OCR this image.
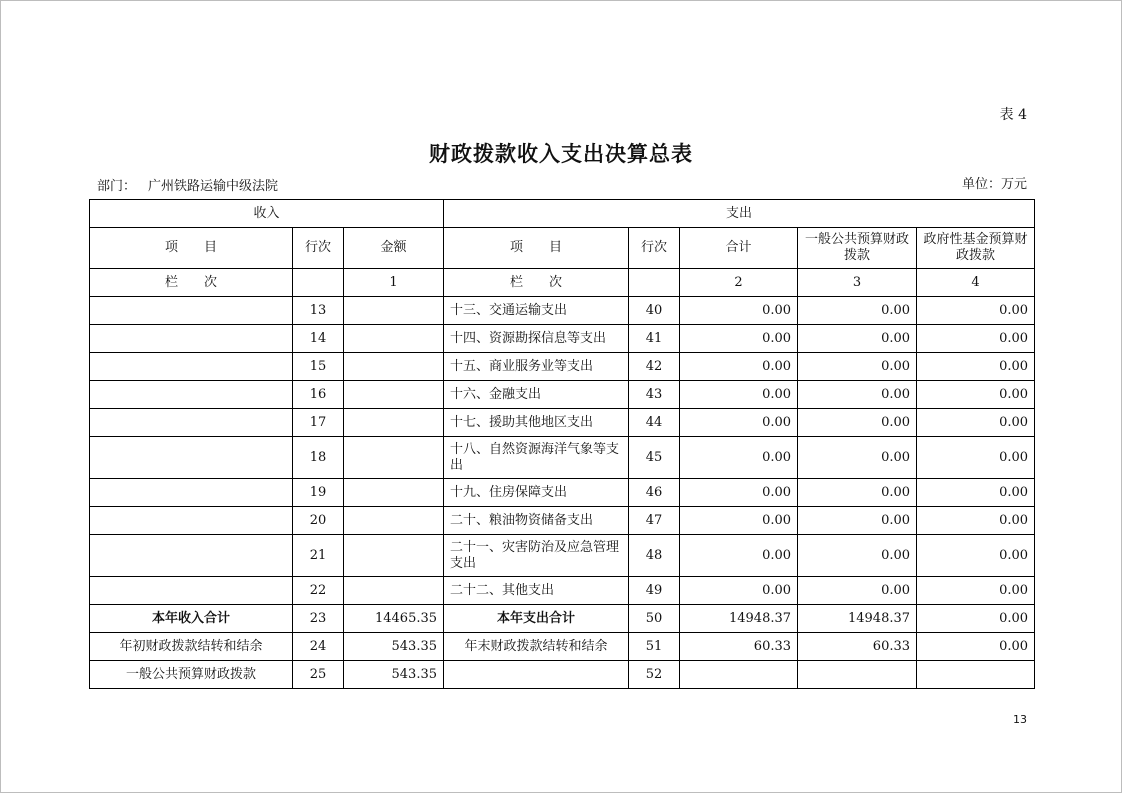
表 4
财政拨款收入支出决算总表
部门： 广州铁路运输中级法院	单位：万元
收入			支出				
项　　目	行次	金额	项　　目	行次	合计	一般公共预算财政拨款	政府性基金预算财政拨款
栏　　次		1	栏　　次		2	3	4
	13		十三、交通运输支出	40	0.00	0.00	0.00
	14		十四、资源勘探信息等支出	41	0.00	0.00	0.00
	15		十五、商业服务业等支出	42	0.00	0.00	0.00
	16		十六、金融支出	43	0.00	0.00	0.00
	17		十七、援助其他地区支出	44	0.00	0.00	0.00
	18		十八、自然资源海洋气象等支出	45	0.00	0.00	0.00
	19		十九、住房保障支出	46	0.00	0.00	0.00
	20		二十、粮油物资储备支出	47	0.00	0.00	0.00
	21		二十一、灾害防治及应急管理支出	48	0.00	0.00	0.00
	22		二十二、其他支出	49	0.00	0.00	0.00
本年收入合计	23	14465.35	本年支出合计	50	14948.37	14948.37	0.00
年初财政拨款结转和结余	24	543.35	年末财政拨款结转和结余	51	60.33	60.33	0.00
一般公共预算财政拨款	25	543.35		52			
13
